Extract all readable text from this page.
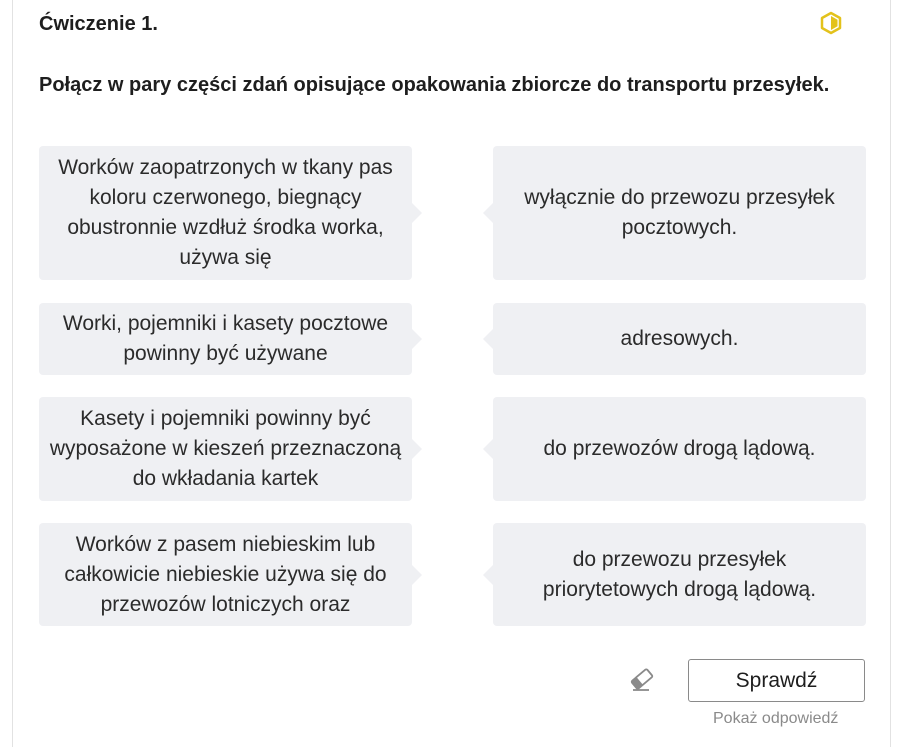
Ćwiczenie 1.
Połącz w pary części zdań opisujące opakowania zbiorcze do transportu przesyłek.
Worków zaopatrzonych w tkany pas koloru czerwonego, biegnący obustronnie wzdłuż środka worka, używa się
wyłącznie do przewozu przesyłek pocztowych.
Worki, pojemniki i kasety pocztowe powinny być używane
adresowych.
Kasety i pojemniki powinny być wyposażone w kieszeń przeznaczoną do wkładania kartek
do przewozów drogą lądową.
Worków z pasem niebieskim lub całkowicie niebieskie używa się do przewozów lotniczych oraz
do przewozu przesyłek priorytetowych drogą lądową.
Sprawdź
Pokaż odpowiedź
